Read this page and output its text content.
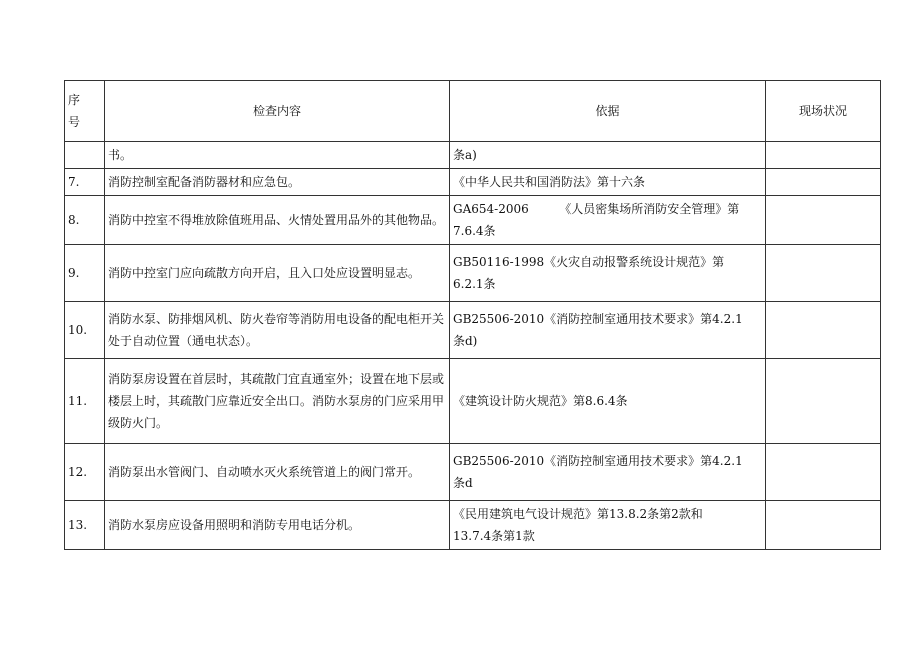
序
号	检查内容	依据	现场状况
	书。	条a)	
7.	消防控制室配备消防器材和应急包。	《中华人民共和国消防法》第十六条	
8.	消防中控室不得堆放除值班用品、火情处置用品外的其他物品。	GA654-2006        《人员密集场所消防安全管理》第
7.6.4条	
9.	消防中控室门应向疏散方向开启，且入口处应设置明显志。	GB50116-1998《火灾自动报警系统设计规范》第
6.2.1条	
10.	消防水泵、防排烟风机、防火卷帘等消防用电设备的配电柜开关处于自动位置（通电状态）。	GB25506-2010《消防控制室通用技术要求》第4.2.1
条d)	
11.	消防泵房设置在首层时，其疏散门宜直通室外；设置在地下层或楼层上时，其疏散门应靠近安全出口。消防水泵房的门应采用甲级防火门。	《建筑设计防火规范》第8.6.4条	
12.	消防泵出水管阀门、自动喷水灭火系统管道上的阀门常开。	GB25506-2010《消防控制室通用技术要求》第4.2.1
条d	
13.	消防水泵房应设备用照明和消防专用电话分机。	《民用建筑电气设计规范》第13.8.2条第2款和
13.7.4条第1款	
